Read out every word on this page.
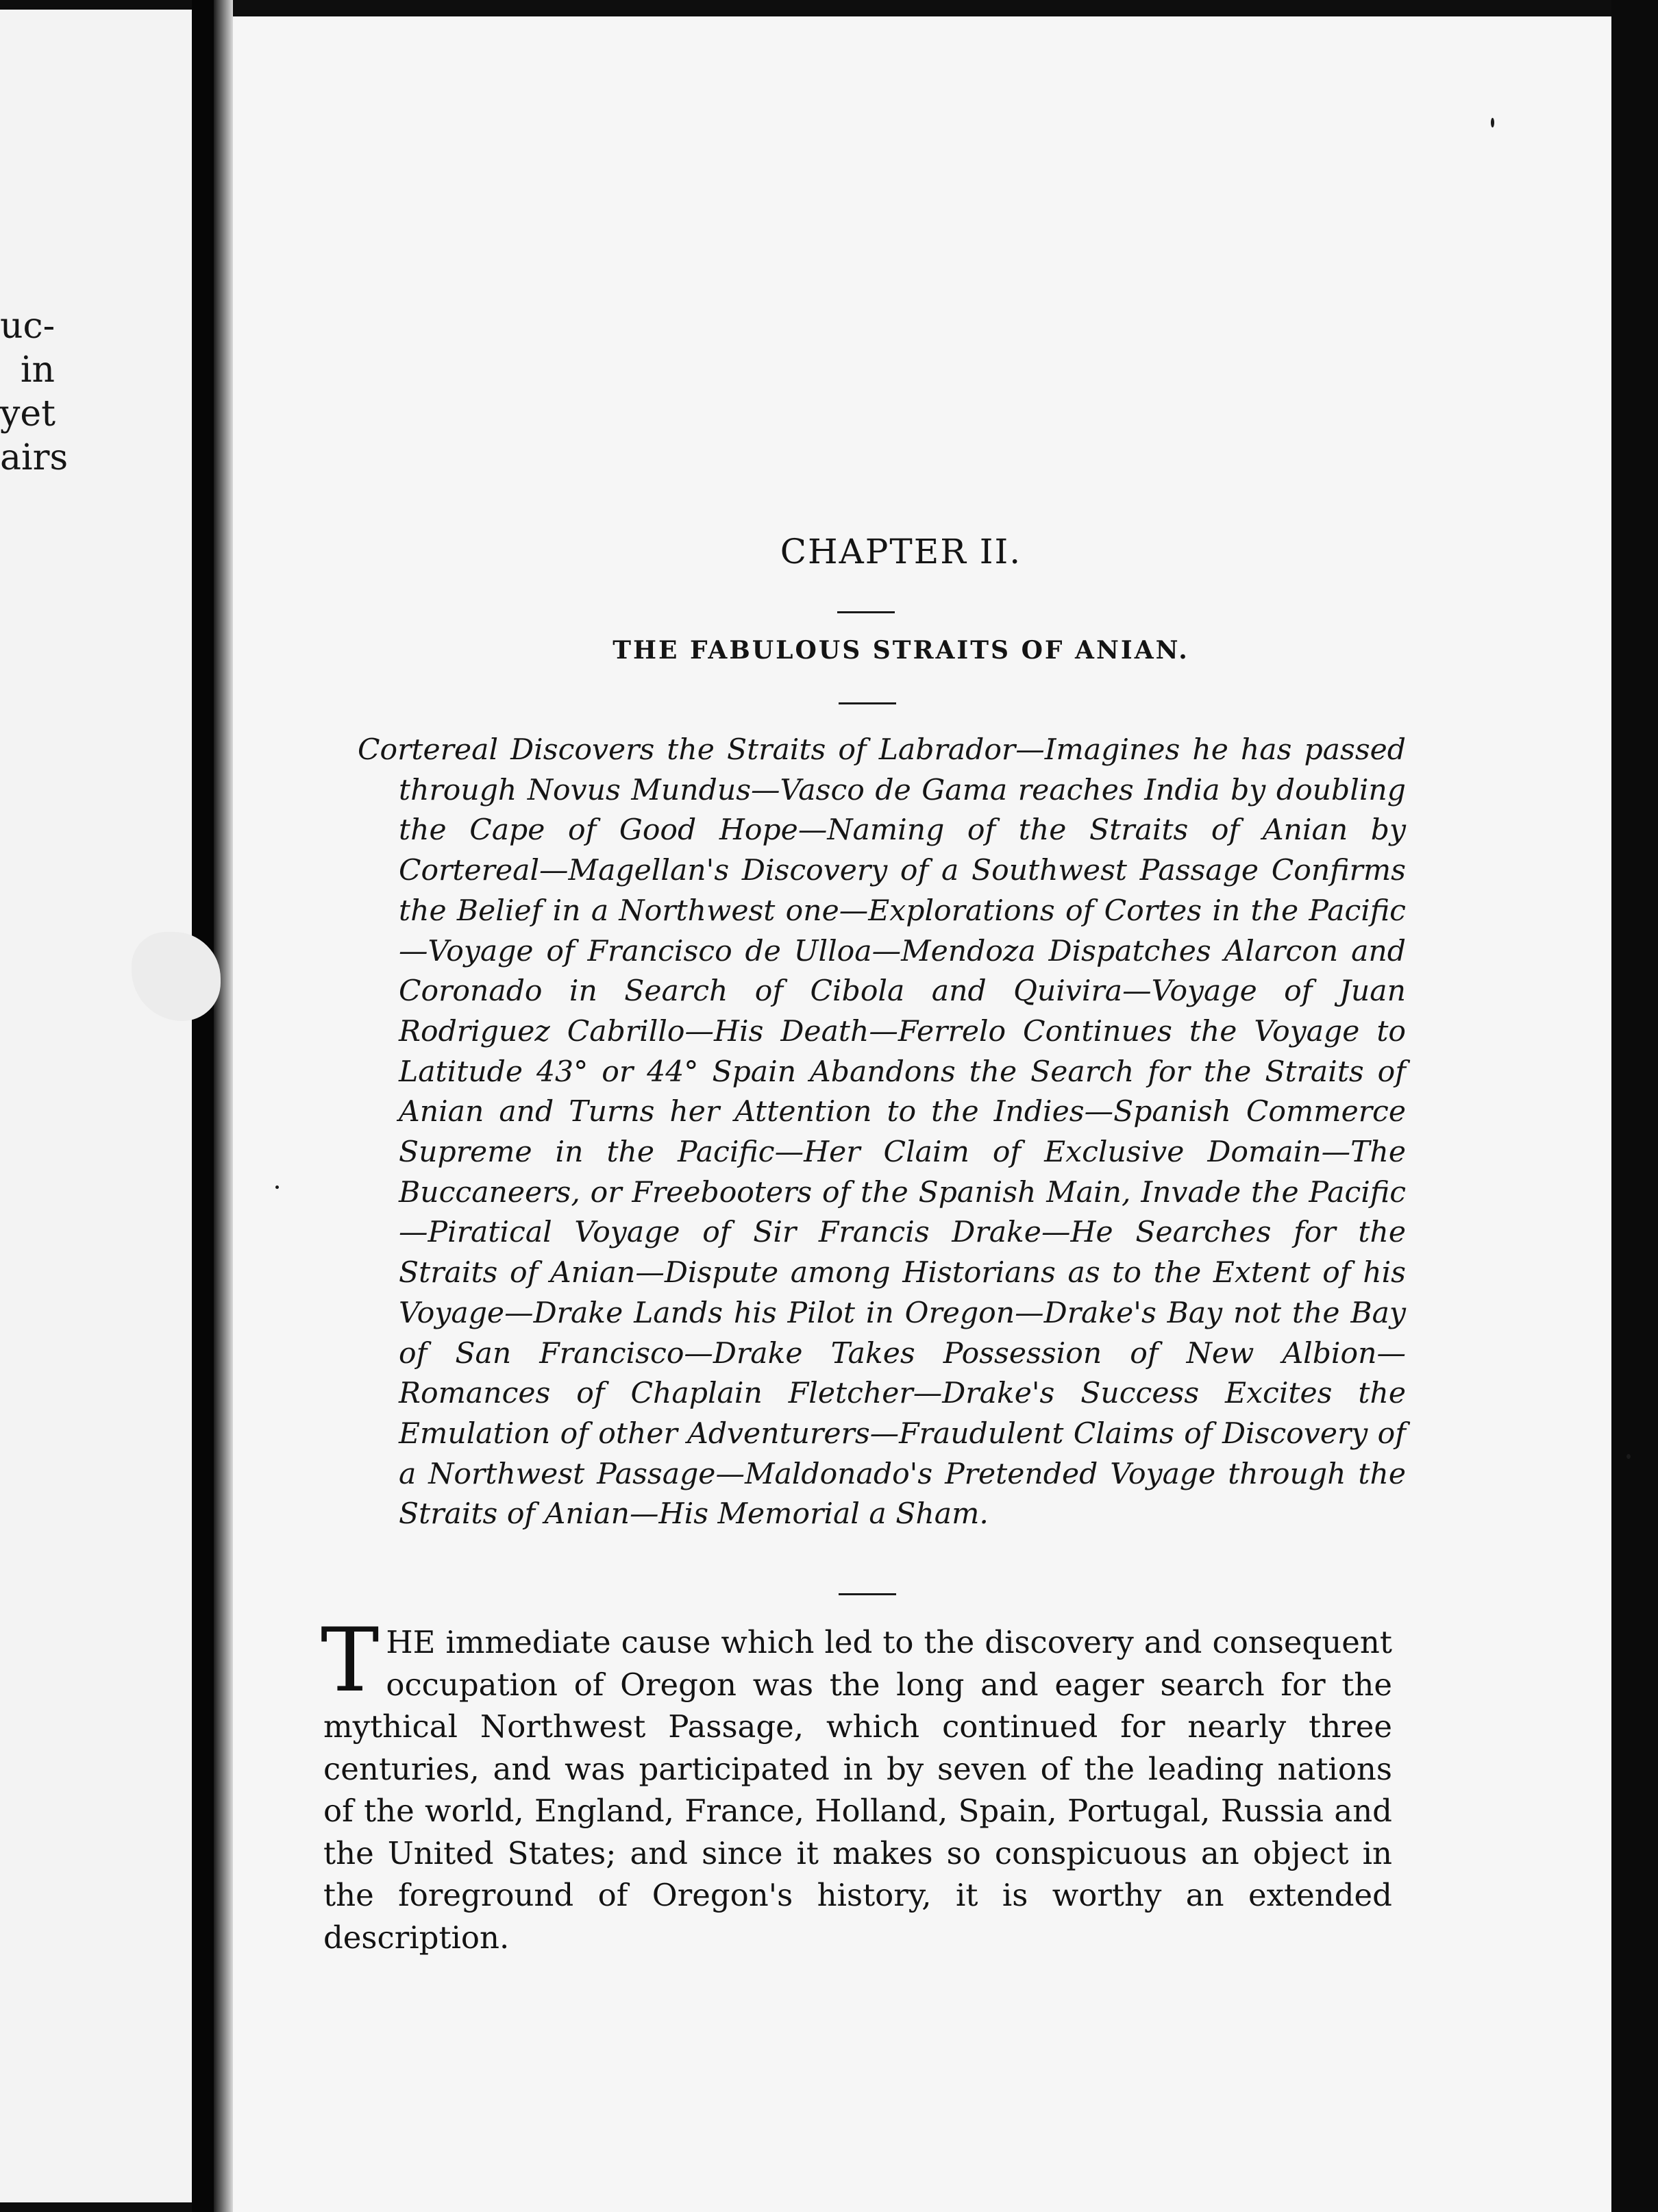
uc-
in
yet
airs
CHAPTER II.
THE FABULOUS STRAITS OF ANIAN.
Cortereal Discovers the Straits of Labrador—Imagines he has passed through Novus Mundus—Vasco de Gama reaches India by doubling the Cape of Good Hope—Naming of the Straits of Anian by Cortereal—Magellan's Discovery of a Southwest Passage Confirms the Belief in a Northwest one—Explorations of Cortes in the Pacific—Voyage of Francisco de Ulloa—Mendoza Dispatches Alarcon and Coronado in Search of Cibola and Quivira—Voyage of Juan Rodriguez Cabrillo—His Death—Ferrelo Continues the Voyage to Latitude 43° or 44° Spain Abandons the Search for the Straits of Anian and Turns her Attention to the Indies—Spanish Commerce Supreme in the Pacific—Her Claim of Exclusive Domain—The Buccaneers, or Freebooters of the Spanish Main, Invade the Pacific—Piratical Voyage of Sir Francis Drake—He Searches for the Straits of Anian—Dispute among Historians as to the Extent of his Voyage—Drake Lands his Pilot in Oregon—Drake's Bay not the Bay of San Francisco—Drake Takes Possession of New Albion—Romances of Chaplain Fletcher—Drake's Success Excites the Emulation of other Adventurers—Fraudulent Claims of Discovery of a Northwest Passage—Maldonado's Pretended Voyage through the Straits of Anian—His Memorial a Sham.
T HE immediate cause which led to the discovery and consequent occupation of Oregon was the long and eager search for the mythical Northwest Passage, which continued for nearly three centuries, and was participated in by seven of the leading nations of the world, England, France, Holland, Spain, Portugal, Russia and the United States; and since it makes so conspicuous an object in the foreground of Oregon's history, it is worthy an extended description.
